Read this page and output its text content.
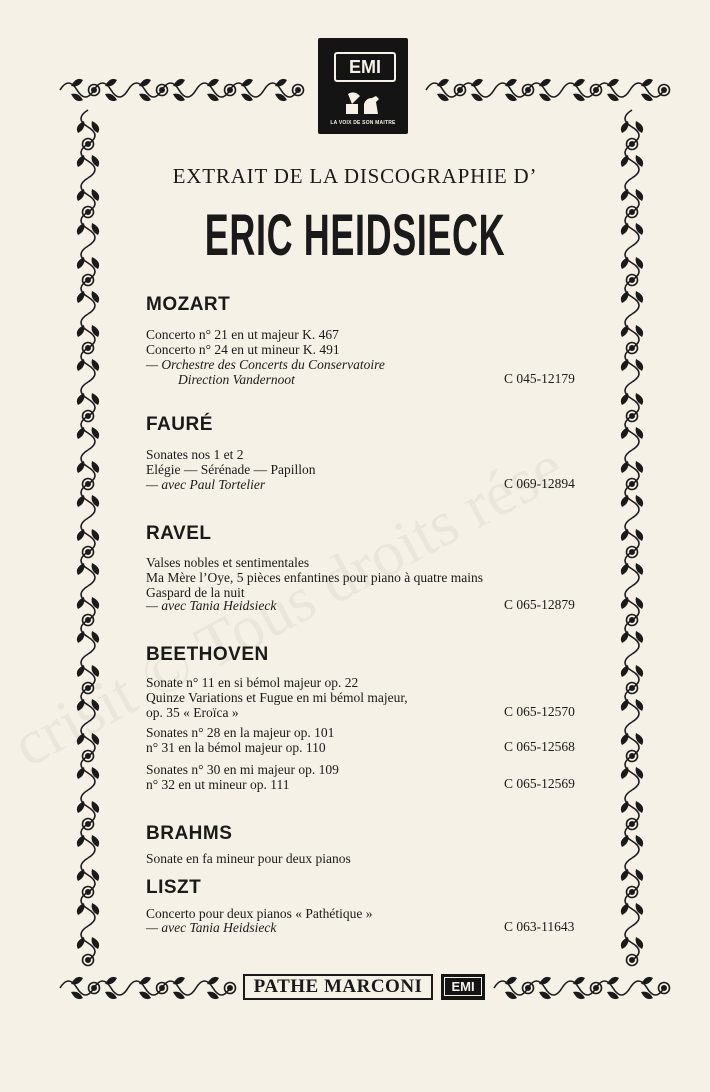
EMI
LA VOIX DE SON MAITRE
EXTRAIT DE LA DISCOGRAPHIE D’
ERIC HEIDSIECK
MOZART
Concerto n° 21 en ut majeur K. 467
Concerto n° 24 en ut mineur K. 491
— Orchestre des Concerts du Conservatoire
Direction Vandernoot	C 045-12179
FAURÉ
Sonates nos 1 et 2
Elégie — Sérénade — Papillon
— avec Paul Tortelier	C 069-12894
RAVEL
Valses nobles et sentimentales
Ma Mère l’Oye, 5 pièces enfantines pour piano à quatre mains
Gaspard de la nuit
— avec Tania Heidsieck	C 065-12879
BEETHOVEN
Sonate n° 11 en si bémol majeur op. 22
Quinze Variations et Fugue en mi bémol majeur,
op. 35 « Eroïca »	C 065-12570
Sonates n° 28 en la majeur op. 101
n° 31 en la bémol majeur op. 110	C 065-12568
Sonates n° 30 en mi majeur op. 109
n° 32 en ut mineur op. 111	C 065-12569
BRAHMS
Sonate en fa mineur pour deux pianos
LISZT
Concerto pour deux pianos « Pathétique »
— avec Tania Heidsieck	C 063-11643
PATHE MARCONI	EMI
